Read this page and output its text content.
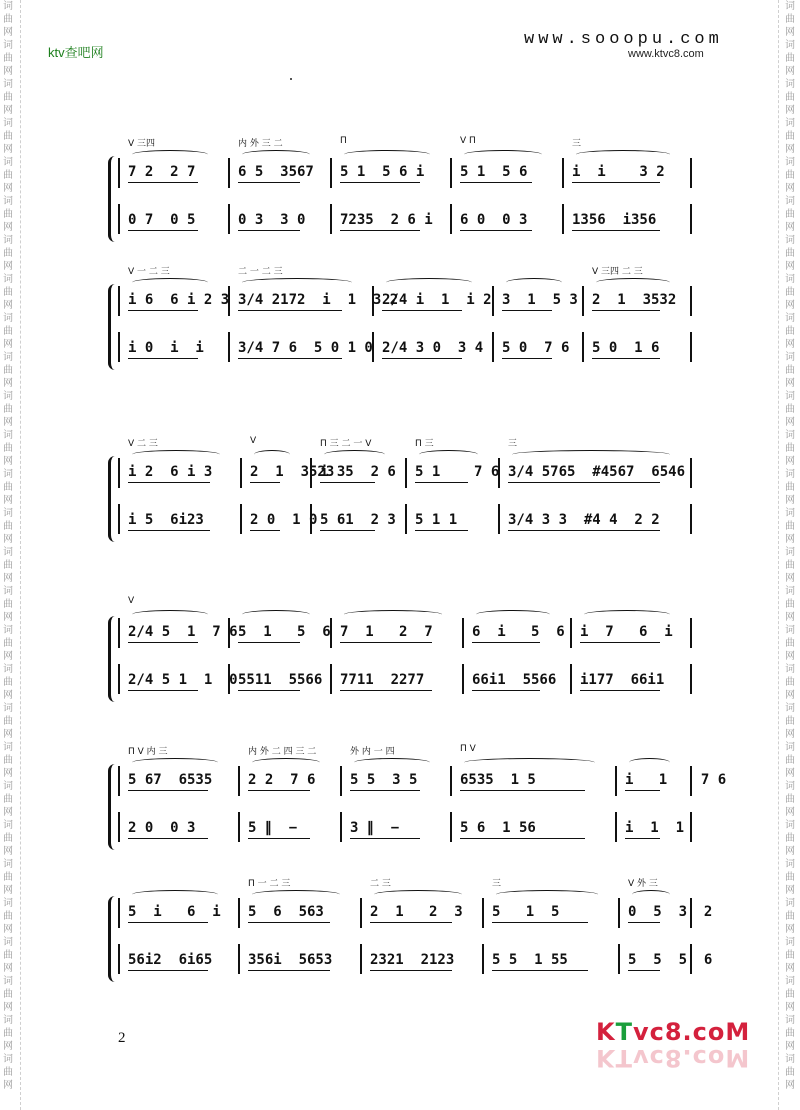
词
曲
网
词
曲
网
词
曲
网
词
曲
网
词
曲
网
词
曲
网
词
曲
网
词
曲
网
词
曲
网
词
曲
网
词
曲
网
词
曲
网
词
曲
网
词
曲
网
词
曲
网
词
曲
网
词
曲
网
词
曲
网
词
曲
网
词
曲
网
词
曲
网
词
曲
网
词
曲
网
词
曲
网
词
曲
网
词
曲
网
词
曲
网
词
曲
网
词
曲
网
词
曲
网
词
曲
网
词
曲
网
词
曲
网
词
曲
网
词
曲
网
词
曲
网
词
曲
网
词
曲
网
词
曲
网
词
曲
网
词
曲
网
词
曲
网
词
曲
网
词
曲
网
词
曲
网
词
曲
网
词
曲
网
词
曲
网
词
曲
网
词
曲
网
词
曲
网
词
曲
网
词
曲
网
词
曲
网
词
曲
网
词
曲
网
ktv查吧网
www.sooopu.com
www.ktvc8.com
V 三四
7 2  2 7
0 7  0 5
内 外 三 二
6 5  3567
0 3  3 0
П
5 1  5 6 i
7235  2 6 i
V П
5 1  5 6
6 0  0 3
三
i  i    3 2
1356  i356
V 一 二 三
i 6  6 i 2 3
i 0  i  i
二 一 二 三
3/4 2172  i  1  3 2
3/4 7 6  5 0 1 0
2/4 i  1  i 2
2/4 3 0  3 4
3  1  5 3
5 0  7 6
V 三四 二 三
2  1  3532
5 0  1 6
V 二 三
i 2  6 i 3
i 5  6i23
V
2  1  3523
2 0  1 0
П 三 二 一 V
i 35  2 6
5 61  2 3
П 三
5 1    7 6
5 1 1
三
3/4 5765  #4567  6546
3/4 3 3  #4 4  2 2
V
2/4 5  1  7 6
2/4 5 1  1  0
5  1   5  6
5511  5566
7  1   2  7
7711  2277
6  i   5  6
66i1  5566
i  7   6  i
i177  66i1
П V 内 三
5 67  6535
2 0  0 3
内 外 二 四 三 二
2 2  7 6
5 ∥  −
外 内 一 四
5 5  3 5
3 ∥  −
П V
6535  1 5
5 6  1 56
i   1    7 6
i  1  1
5  i   6  i
56i2  6i65
П 一 二 三
5  6  563
356i  5653
二 三
2  1   2  3
2321  2123
三
5   1  5
5 5  1 55
V 外 三
0  5  3  2
5  5  5  6
2	KTvc8.coM
KTvc8.coM
